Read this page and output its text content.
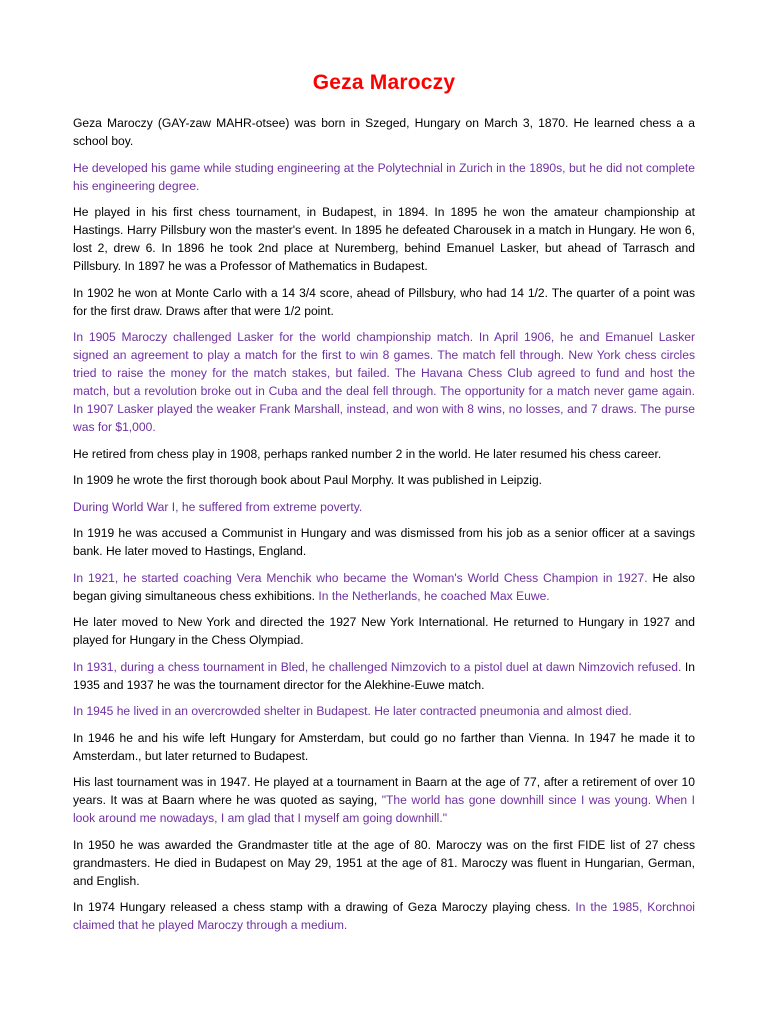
Geza Maroczy

Geza Maroczy (GAY-zaw MAHR-otsee) was born in Szeged, Hungary on March 3, 1870. He learned chess a a school boy.

He developed his game while studing engineering at the Polytechnial in Zurich in the 1890s, but he did not complete his engineering degree.

He played in his first chess tournament, in Budapest, in 1894. In 1895 he won the amateur championship at Hastings. Harry Pillsbury won the master's event. In 1895 he defeated Charousek in a match in Hungary. He won 6, lost 2, drew 6. In 1896 he took 2nd place at Nuremberg, behind Emanuel Lasker, but ahead of Tarrasch and Pillsbury. In 1897 he was a Professor of Mathematics in Budapest.

In 1902 he won at Monte Carlo with a 14 3/4 score, ahead of Pillsbury, who had 14 1/2. The quarter of a point was for the first draw. Draws after that were 1/2 point.

In 1905 Maroczy challenged Lasker for the world championship match. In April 1906, he and Emanuel Lasker signed an agreement to play a match for the first to win 8 games. The match fell through. New York chess circles tried to raise the money for the match stakes, but failed. The Havana Chess Club agreed to fund and host the match, but a revolution broke out in Cuba and the deal fell through. The opportunity for a match never game again. In 1907 Lasker played the weaker Frank Marshall, instead, and won with 8 wins, no losses, and 7 draws. The purse was for $1,000.

He retired from chess play in 1908, perhaps ranked number 2 in the world. He later resumed his chess career.

In 1909 he wrote the first thorough book about Paul Morphy. It was published in Leipzig.

During World War I, he suffered from extreme poverty.

In 1919 he was accused a Communist in Hungary and was dismissed from his job as a senior officer at a savings bank. He later moved to Hastings, England.

In 1921, he started coaching Vera Menchik who became the Woman's World Chess Champion in 1927. He also began giving simultaneous chess exhibitions. In the Netherlands, he coached Max Euwe.

He later moved to New York and directed the 1927 New York International. He returned to Hungary in 1927 and played for Hungary in the Chess Olympiad.

In 1931, during a chess tournament in Bled, he challenged Nimzovich to a pistol duel at dawn Nimzovich refused. In 1935 and 1937 he was the tournament director for the Alekhine-Euwe match.

In 1945 he lived in an overcrowded shelter in Budapest. He later contracted pneumonia and almost died.

In 1946 he and his wife left Hungary for Amsterdam, but could go no farther than Vienna. In 1947 he made it to Amsterdam., but later returned to Budapest.

His last tournament was in 1947. He played at a tournament in Baarn at the age of 77, after a retirement of over 10 years. It was at Baarn where he was quoted as saying, "The world has gone downhill since I was young. When I look around me nowadays, I am glad that I myself am going downhill."

In 1950 he was awarded the Grandmaster title at the age of 80. Maroczy was on the first FIDE list of 27 chess grandmasters. He died in Budapest on May 29, 1951 at the age of 81. Maroczy was fluent in Hungarian, German, and English.

In 1974 Hungary released a chess stamp with a drawing of Geza Maroczy playing chess. In the 1985, Korchnoi claimed that he played Maroczy through a medium.
